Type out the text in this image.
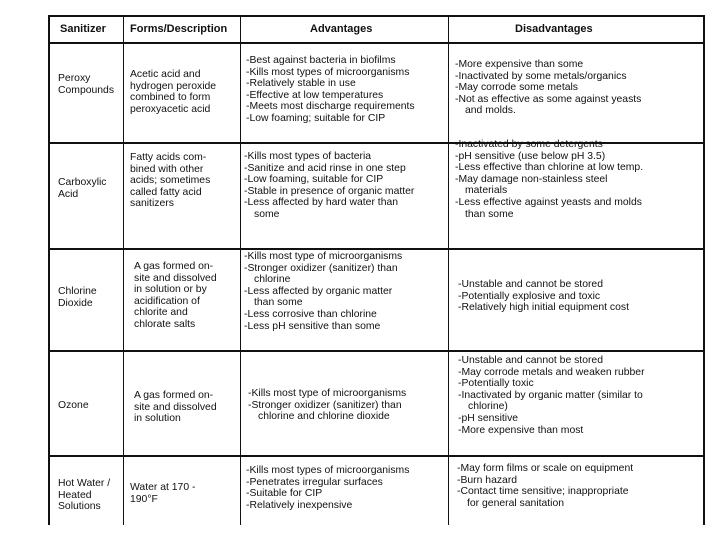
Sanitizer Forms/Description	Advantages	Disadvantages
Peroxy
Compounds
Acetic acid and
hydrogen peroxide
combined to form
peroxyacetic acid
-Best against bacteria in biofilms
-Kills most types of microorganisms
-Relatively stable in use
-Effective at low temperatures
-Meets most discharge requirements
-Low foaming; suitable for CIP
-More expensive than some
-Inactivated by some metals/organics
-May corrode some metals
-Not as effective as some against yeasts
and molds.
Carboxylic
Acid
Fatty acids com-
bined with other
acids; sometimes
called fatty acid
sanitizers
-Kills most types of bacteria
-Sanitize and acid rinse in one step
-Low foaming, suitable for CIP
-Stable in presence of organic matter
-Less affected by hard water than
some
-Inactivated by some detergents
-pH sensitive (use below pH 3.5)
-Less effective than chlorine at low temp.
-May damage non-stainless steel
materials
-Less effective against yeasts and molds
than some
Chlorine
Dioxide
A gas formed on-
site and dissolved
in solution or by
acidification of
chlorite and
chlorate salts
-Kills most type of microorganisms
-Stronger oxidizer (sanitizer) than
chlorine
-Less affected by organic matter
than some
-Less corrosive than chlorine
-Less pH sensitive than some
-Unstable and cannot be stored
-Potentially explosive and toxic
-Relatively high initial equipment cost
Ozone
A gas formed on-
site and dissolved
in solution
-Kills most type of microorganisms
-Stronger oxidizer (sanitizer) than
chlorine and chlorine dioxide
-Unstable and cannot be stored
-May corrode metals and weaken rubber
-Potentially toxic
-Inactivated by organic matter (similar to
chlorine)
-pH sensitive
-More expensive than most
Hot Water /
Heated
Solutions
Water at 170 -
190°F
-Kills most types of microorganisms
-Penetrates irregular surfaces
-Suitable for CIP
-Relatively inexpensive
-May form films or scale on equipment
-Burn hazard
-Contact time sensitive; inappropriate
for general sanitation
